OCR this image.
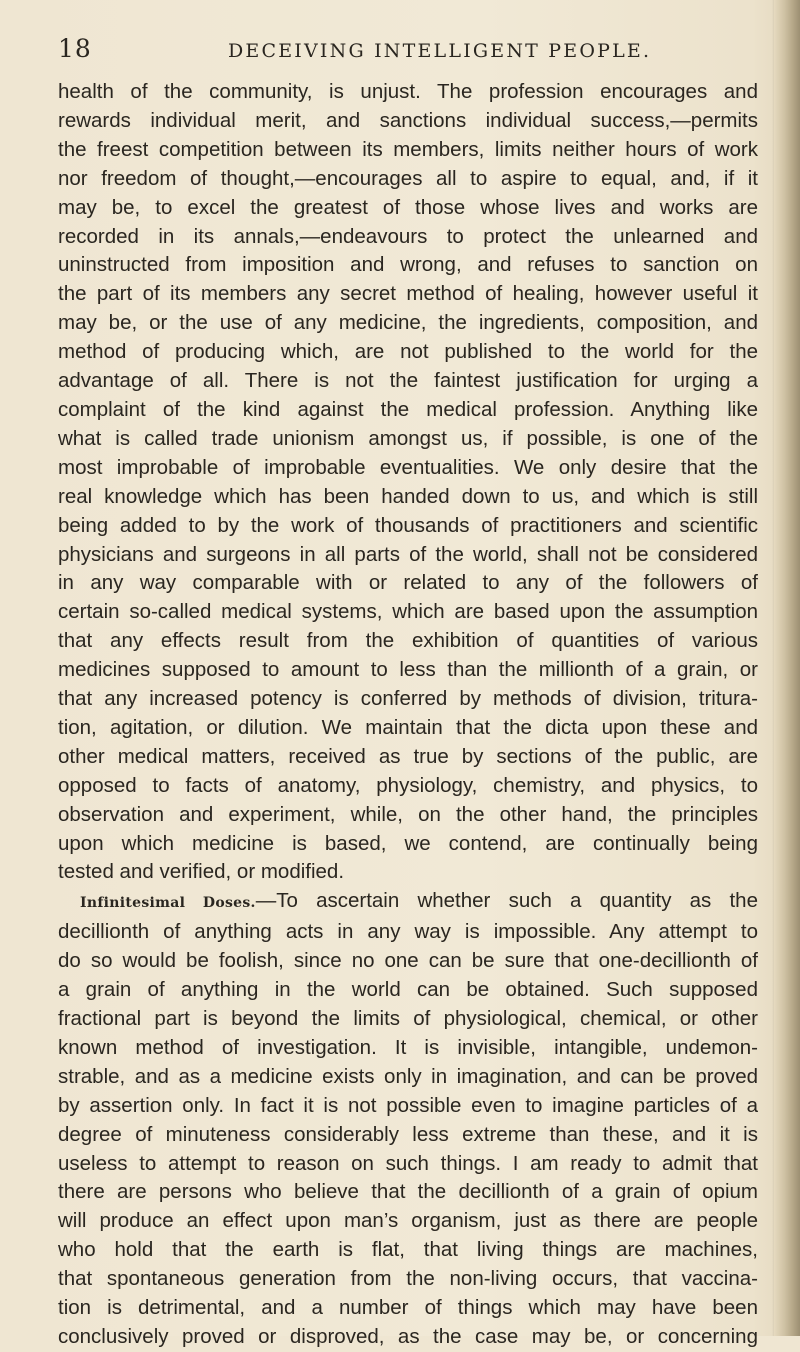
18	DECEIVING INTELLIGENT PEOPLE.
health of the community, is unjust. The profession encourages and
rewards individual merit, and sanctions individual success,—permits
the freest competition between its members, limits neither hours of work
nor freedom of thought,—encourages all to aspire to equal, and, if it
may be, to excel the greatest of those whose lives and works are
recorded in its annals,—endeavours to protect the unlearned and
uninstructed from imposition and wrong, and refuses to sanction on
the part of its members any secret method of healing, however useful it
may be, or the use of any medicine, the ingredients, composition, and
method of producing which, are not published to the world for the
advantage of all. There is not the faintest justification for urging a
complaint of the kind against the medical profession. Anything like
what is called trade unionism amongst us, if possible, is one of the
most improbable of improbable eventualities. We only desire that the
real knowledge which has been handed down to us, and which is still
being added to by the work of thousands of practitioners and scientific
physicians and surgeons in all parts of the world, shall not be considered
in any way comparable with or related to any of the followers of
certain so-called medical systems, which are based upon the assumption
that any effects result from the exhibition of quantities of various
medicines supposed to amount to less than the millionth of a grain, or
that any increased potency is conferred by methods of division, tritura-
tion, agitation, or dilution. We maintain that the dicta upon these and
other medical matters, received as true by sections of the public, are
opposed to facts of anatomy, physiology, chemistry, and physics, to
observation and experiment, while, on the other hand, the principles
upon which medicine is based, we contend, are continually being
tested and verified, or modified.
Infinitesimal Doses.—To ascertain whether such a quantity as the
decillionth of anything acts in any way is impossible. Any attempt to
do so would be foolish, since no one can be sure that one-decillionth of
a grain of anything in the world can be obtained. Such supposed
fractional part is beyond the limits of physiological, chemical, or other
known method of investigation. It is invisible, intangible, undemon-
strable, and as a medicine exists only in imagination, and can be proved
by assertion only. In fact it is not possible even to imagine particles of a
degree of minuteness considerably less extreme than these, and it is
useless to attempt to reason on such things. I am ready to admit that
there are persons who believe that the decillionth of a grain of opium
will produce an effect upon man’s organism, just as there are people
who hold that the earth is flat, that living things are machines,
that spontaneous generation from the non-living occurs, that vaccina-
tion is detrimental, and a number of things which may have been
conclusively proved or disproved, as the case may be, or concerning
